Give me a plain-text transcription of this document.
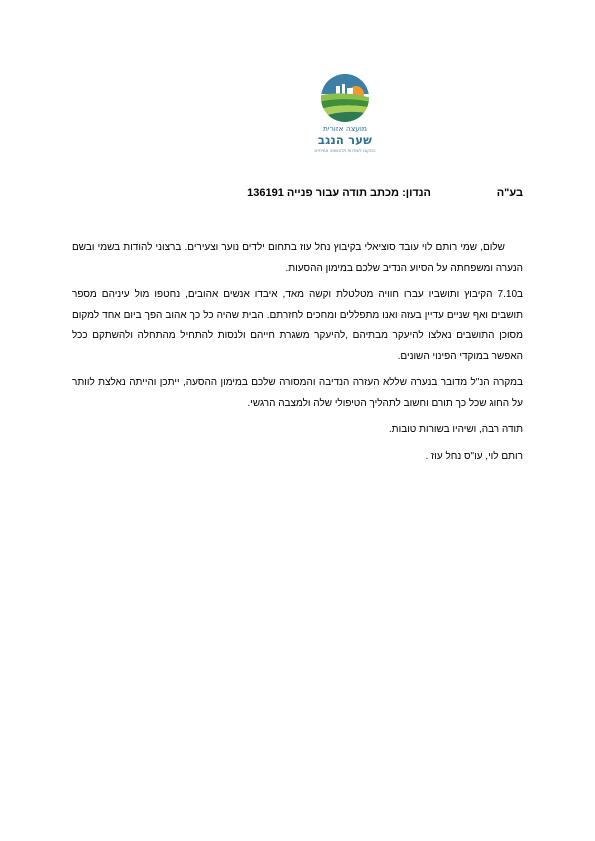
מועצה אזורית
שער הנגב
המקום לשתדות ולהגשמה אמיתיים
בע"ה
הנדון: מכתב תודה עבור פנייה 136191

שלום, שמי רותם לוי עובד סוציאלי בקיבוץ נחל עוז בתחום ילדים נוער וצעירים. ברצוני להודות בשמי ובשם הנערה ומשפחתה על הסיוע הנדיב שלכם במימון ההסעות.

ב7.10 הקיבוץ ותושביו עברו חוויה מטלטלת וקשה מאד, איבדו אנשים אהובים, נחטפו מול עיניהם מספר תושבים ואף שניים עדיין בעזה ואנו מתפללים ומחכים לחזרתם. הבית שהיה כל כך אהוב הפך ביום אחד למקום מסוכן התושבים נאלצו להיעקר מבתיהם ,להיעקר משגרת חייהם ולנסות להתחיל מהתחלה ולהשתקם ככל האפשר במוקדי הפינוי השונים.

במקרה הנ"ל מדובר בנערה שללא העזרה הנדיבה והמסורה שלכם במימון ההסעה, ייתכן והייתה נאלצת לוותר על החוג שכל כך תורם וחשוב לתהליך הטיפולי שלה ולמצבה הרגשי.

תודה רבה, ושיהיו בשורות טובות.

רותם לוי, עו"ס נחל עוז .
